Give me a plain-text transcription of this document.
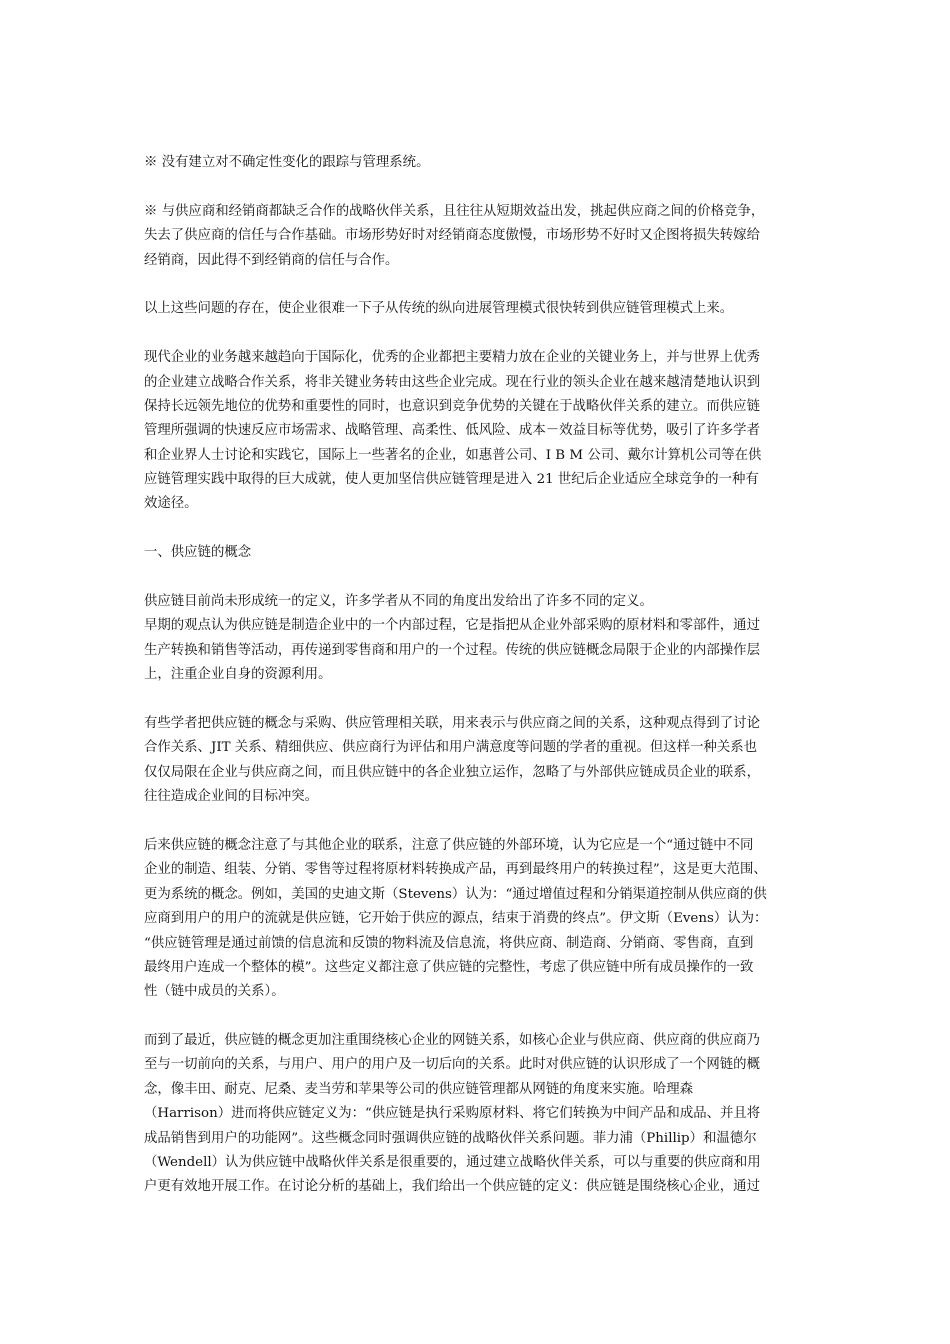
※ 没有建立对不确定性变化的跟踪与管理系统。

※ 与供应商和经销商都缺乏合作的战略伙伴关系，且往往从短期效益出发，挑起供应商之间的价格竞争，
失去了供应商的信任与合作基础。市场形势好时对经销商态度傲慢，市场形势不好时又企图将损失转嫁给
经销商，因此得不到经销商的信任与合作。

以上这些问题的存在，使企业很难一下子从传统的纵向进展管理模式很快转到供应链管理模式上来。

现代企业的业务越来越趋向于国际化，优秀的企业都把主要精力放在企业的关键业务上，并与世界上优秀
的企业建立战略合作关系，将非关键业务转由这些企业完成。现在行业的领头企业在越来越清楚地认识到
保持长远领先地位的优势和重要性的同时，也意识到竞争优势的关键在于战略伙伴关系的建立。而供应链
管理所强调的快速反应市场需求、战略管理、高柔性、低风险、成本－效益目标等优势，吸引了许多学者
和企业界人士讨论和实践它，国际上一些著名的企业，如惠普公司、I B M 公司、戴尔计算机公司等在供
应链管理实践中取得的巨大成就，使人更加坚信供应链管理是进入 21 世纪后企业适应全球竞争的一种有
效途径。

一、供应链的概念

供应链目前尚未形成统一的定义，许多学者从不同的角度出发给出了许多不同的定义。
早期的观点认为供应链是制造企业中的一个内部过程，它是指把从企业外部采购的原材料和零部件，通过
生产转换和销售等活动，再传递到零售商和用户的一个过程。传统的供应链概念局限于企业的内部操作层
上，注重企业自身的资源利用。

有些学者把供应链的概念与采购、供应管理相关联，用来表示与供应商之间的关系，这种观点得到了讨论
合作关系、JIT 关系、精细供应、供应商行为评估和用户满意度等问题的学者的重视。但这样一种关系也
仅仅局限在企业与供应商之间，而且供应链中的各企业独立运作，忽略了与外部供应链成员企业的联系，
往往造成企业间的目标冲突。

后来供应链的概念注意了与其他企业的联系，注意了供应链的外部环境，认为它应是一个“通过链中不同
企业的制造、组装、分销、零售等过程将原材料转换成产品，再到最终用户的转换过程”，这是更大范围、
更为系统的概念。例如，美国的史迪文斯（Stevens）认为：“通过增值过程和分销渠道控制从供应商的供
应商到用户的用户的流就是供应链，它开始于供应的源点，结束于消费的终点”。伊文斯（Evens）认为：
“供应链管理是通过前馈的信息流和反馈的物料流及信息流，将供应商、制造商、分销商、零售商，直到
最终用户连成一个整体的模”。这些定义都注意了供应链的完整性，考虑了供应链中所有成员操作的一致
性（链中成员的关系）。

而到了最近，供应链的概念更加注重围绕核心企业的网链关系，如核心企业与供应商、供应商的供应商乃
至与一切前向的关系，与用户、用户的用户及一切后向的关系。此时对供应链的认识形成了一个网链的概
念，像丰田、耐克、尼桑、麦当劳和苹果等公司的供应链管理都从网链的角度来实施。哈理森
（Harrison）进而将供应链定义为：“供应链是执行采购原材料、将它们转换为中间产品和成品、并且将
成品销售到用户的功能网”。这些概念同时强调供应链的战略伙伴关系问题。菲力浦（Phillip）和温德尔
（Wendell）认为供应链中战略伙伴关系是很重要的，通过建立战略伙伴关系，可以与重要的供应商和用
户更有效地开展工作。在讨论分析的基础上，我们给出一个供应链的定义：供应链是围绕核心企业，通过
